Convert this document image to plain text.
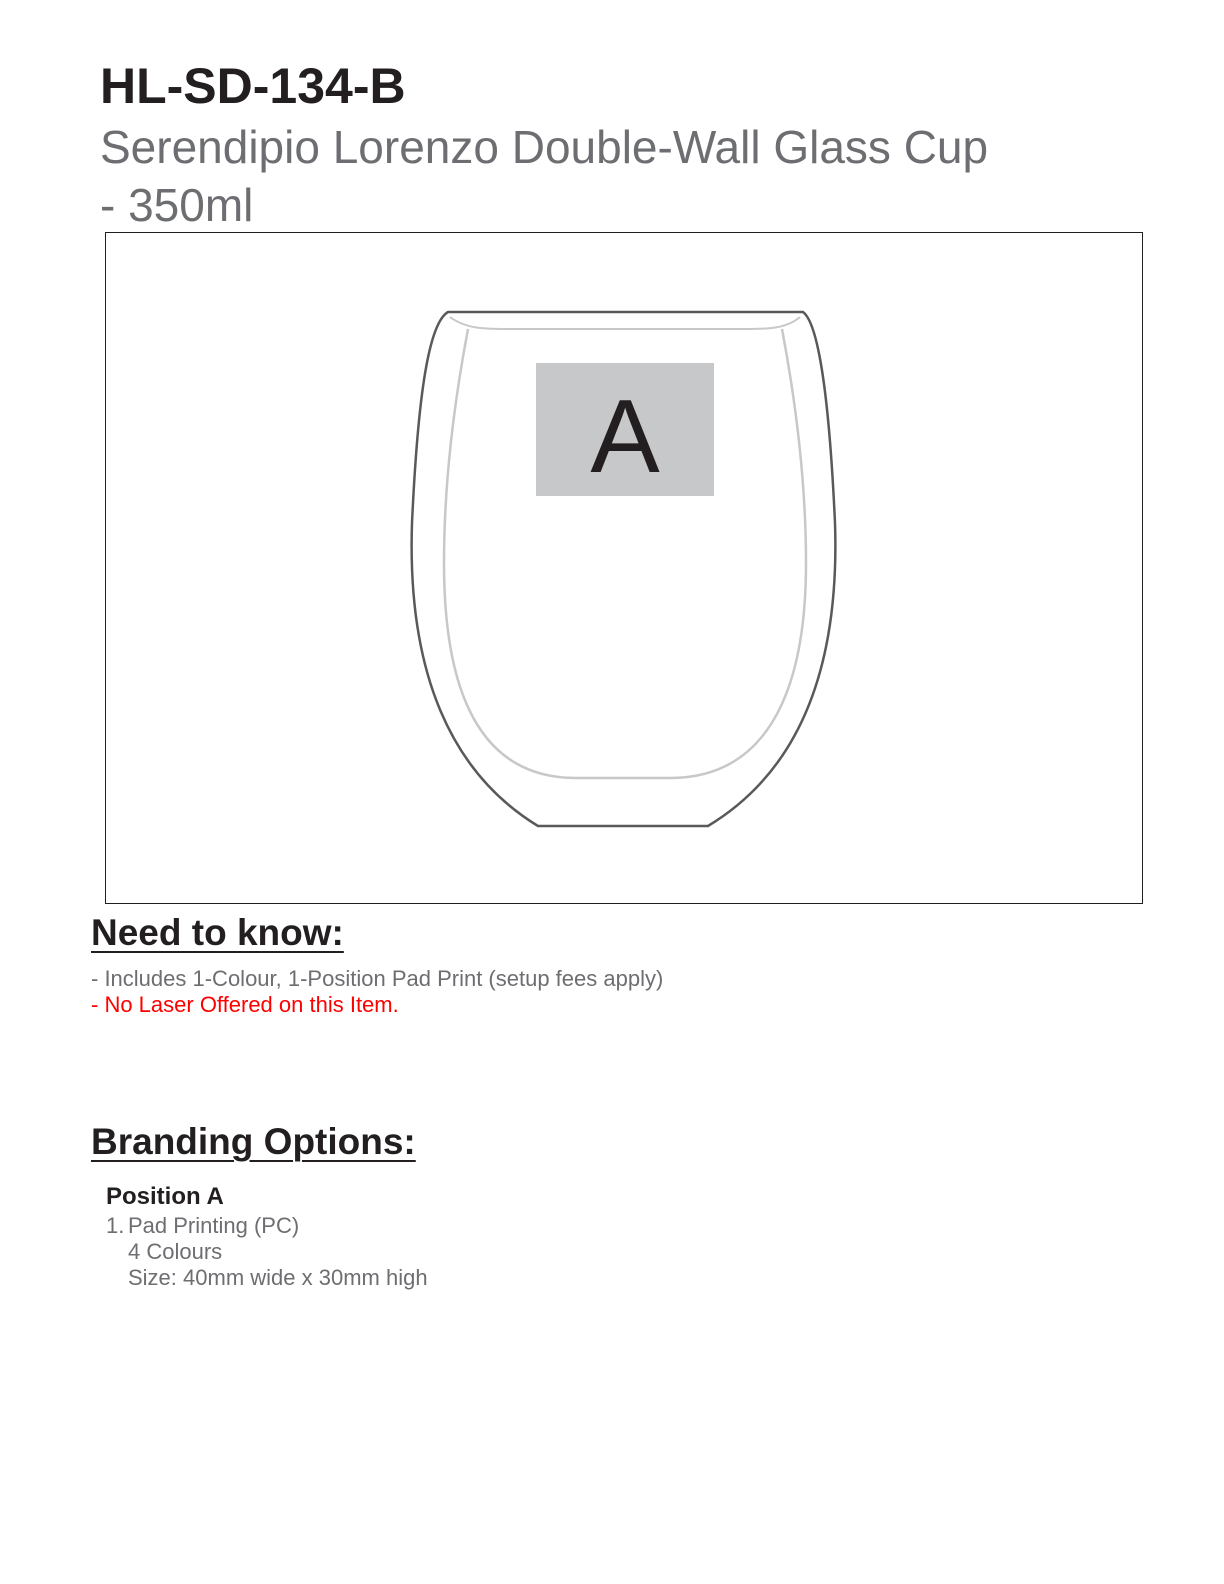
HL-SD-134-B
Serendipio Lorenzo Double-Wall Glass Cup - 350ml
A
Need to know:
- Includes 1-Colour, 1-Position Pad Print (setup fees apply)
- No Laser Offered on this Item.
Branding Options:
Position A
1. Pad Printing (PC)
4 Colours
Size: 40mm wide x 30mm high
